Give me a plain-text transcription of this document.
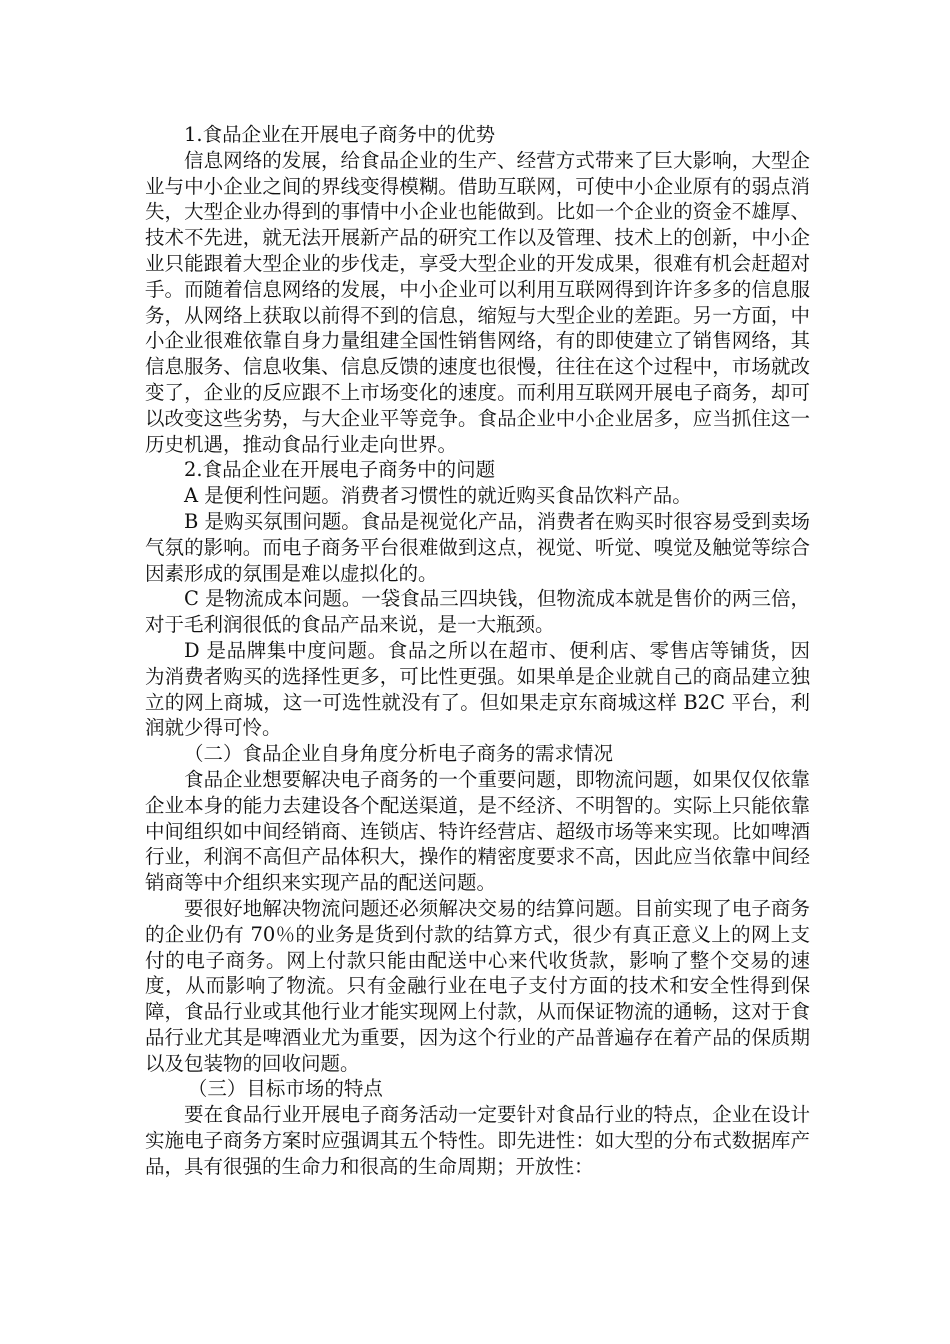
1.食品企业在开展电子商务中的优势

信息网络的发展，给食品企业的生产、经营方式带来了巨大影响，大型企业与中小企业之间的界线变得模糊。借助互联网，可使中小企业原有的弱点消失，大型企业办得到的事情中小企业也能做到。比如一个企业的资金不雄厚、技术不先进，就无法开展新产品的研究工作以及管理、技术上的创新，中小企业只能跟着大型企业的步伐走，享受大型企业的开发成果，很难有机会赶超对手。而随着信息网络的发展，中小企业可以利用互联网得到许许多多的信息服务，从网络上获取以前得不到的信息，缩短与大型企业的差距。另一方面，中小企业很难依靠自身力量组建全国性销售网络，有的即使建立了销售网络，其信息服务、信息收集、信息反馈的速度也很慢，往往在这个过程中，市场就改变了，企业的反应跟不上市场变化的速度。而利用互联网开展电子商务，却可以改变这些劣势，与大企业平等竞争。食品企业中小企业居多，应当抓住这一历史机遇，推动食品行业走向世界。

2.食品企业在开展电子商务中的问题

A 是便利性问题。消费者习惯性的就近购买食品饮料产品。

B 是购买氛围问题。食品是视觉化产品，消费者在购买时很容易受到卖场气氛的影响。而电子商务平台很难做到这点，视觉、听觉、嗅觉及触觉等综合因素形成的氛围是难以虚拟化的。

C 是物流成本问题。一袋食品三四块钱，但物流成本就是售价的两三倍，对于毛利润很低的食品产品来说，是一大瓶颈。

D 是品牌集中度问题。食品之所以在超市、便利店、零售店等铺货，因为消费者购买的选择性更多，可比性更强。如果单是企业就自己的商品建立独立的网上商城，这一可选性就没有了。但如果走京东商城这样 B2C 平台，利润就少得可怜。

（二）食品企业自身角度分析电子商务的需求情况

食品企业想要解决电子商务的一个重要问题，即物流问题，如果仅仅依靠企业本身的能力去建设各个配送渠道，是不经济、不明智的。实际上只能依靠中间组织如中间经销商、连锁店、特许经营店、超级市场等来实现。比如啤酒行业，利润不高但产品体积大，操作的精密度要求不高，因此应当依靠中间经销商等中介组织来实现产品的配送问题。

要很好地解决物流问题还必须解决交易的结算问题。目前实现了电子商务的企业仍有 70％的业务是货到付款的结算方式，很少有真正意义上的网上支付的电子商务。网上付款只能由配送中心来代收货款，影响了整个交易的速度，从而影响了物流。只有金融行业在电子支付方面的技术和安全性得到保障，食品行业或其他行业才能实现网上付款，从而保证物流的通畅，这对于食品行业尤其是啤酒业尤为重要，因为这个行业的产品普遍存在着产品的保质期以及包装物的回收问题。

（三）目标市场的特点

要在食品行业开展电子商务活动一定要针对食品行业的特点，企业在设计实施电子商务方案时应强调其五个特性。即先进性：如大型的分布式数据库产品，具有很强的生命力和很高的生命周期；开放性：
